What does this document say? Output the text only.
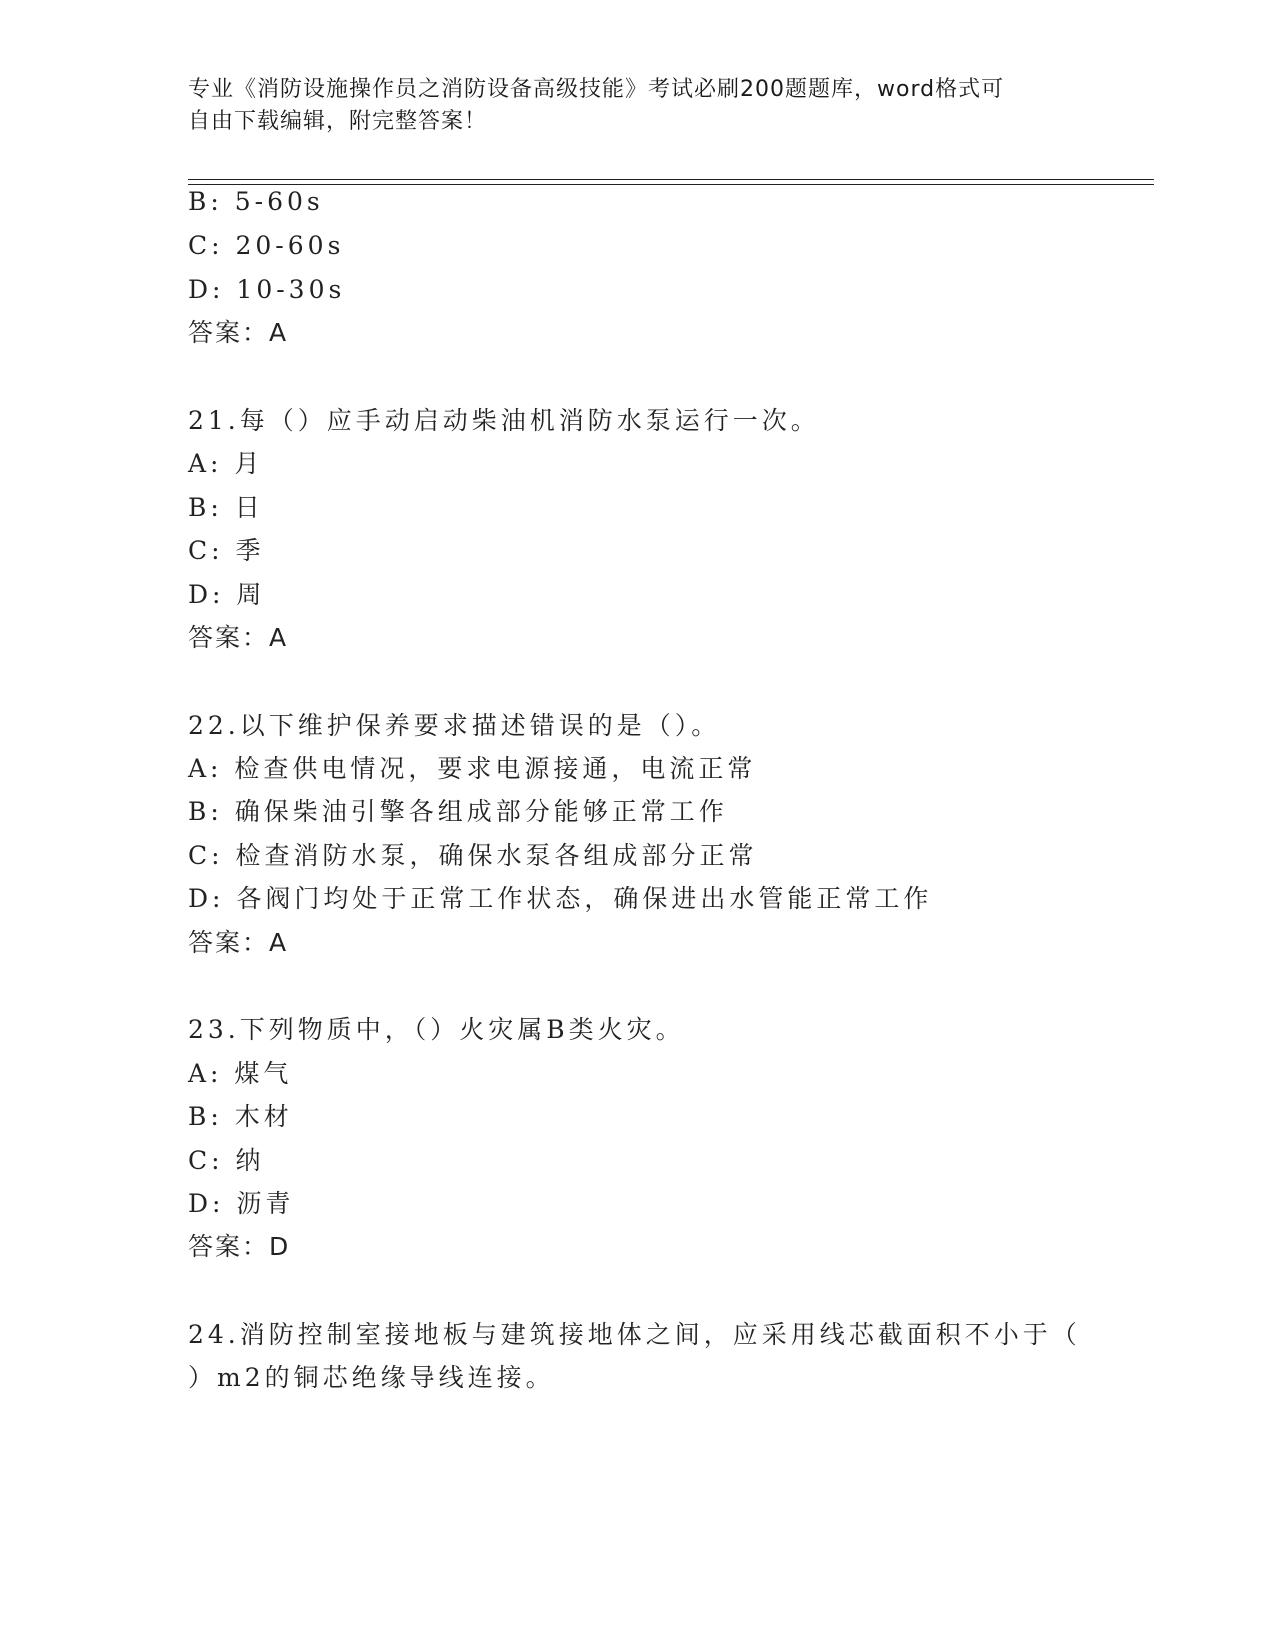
专业《消防设施操作员之消防设备高级技能》考试必刷200题题库，word格式可
自由下载编辑，附完整答案！
B: 5-60s
C: 20-60s
D: 10-30s
答案：A
21.每（）应手动启动柴油机消防水泵运行一次。
A: 月
B: 日
C: 季
D: 周
答案：A
22.以下维护保养要求描述错误的是（）。
A: 检查供电情况，要求电源接通，电流正常
B: 确保柴油引擎各组成部分能够正常工作
C: 检查消防水泵，确保水泵各组成部分正常
D: 各阀门均处于正常工作状态，确保进出水管能正常工作
答案：A
23.下列物质中，（）火灾属B类火灾。
A: 煤气
B: 木材
C: 纳
D: 沥青
答案：D
24.消防控制室接地板与建筑接地体之间，应采用线芯截面积不小于（
）m2的铜芯绝缘导线连接。
